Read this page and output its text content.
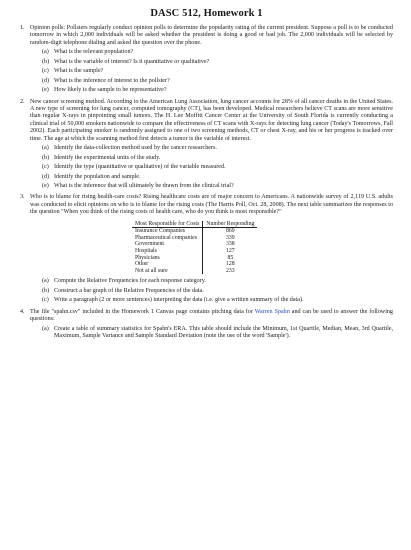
DASC 512, Homework 1
1. Opinion polls: Pollsters regularly conduct opinion polls to determine the popularity rating of the current president. Suppose a poll is to be conducted tomorrow in which 2,000 individuals will be asked whether the president is doing a good or bad job. The 2,000 individuals will be selected by random-digit telephone dialing and asked the question over the phone.

(a) What is the relevant population?
(b) What is the variable of interest? Is it quantitative or qualitative?
(c) What is the sample?
(d) What is the inference of interest to the pollster?
(e) How likely is the sample to be representative?
2. New cancer screening method. According to the American Lung Association, lung cancer accounts for 28% of all cancer deaths in the United States. A new type of screening for lung cancer, computed tomography (CT), has been developed. Medical researchers believe CT scans are more sensitive than regular X-rays in pinpointing small tumors. The H. Lee Moffitt Cancer Center at the University of South Florida is currently conducting a clinical trial of 50,000 smokers nationwide to compare the effectiveness of CT scans with X-rays for detecting lung cancer (Today's Tomorrows, Fall 2002). Each participating smoker is randomly assigned to one of two screening methods, CT or chest X-ray, and his or her progress is tracked over time. The age at which the scanning method first detects a tumor is the variable of interest.

(a) Identify the data-collection method used by the cancer researchers.
(b) Identify the experimental units of the study.
(c) Identify the type (quantitative or qualitative) of the variable measured.
(d) Identify the population and sample.
(e) What is the inference that will ultimately be drawn from the clinical trial?
3. Who is to blame for rising health-care costs? Rising healthcare costs are of major concern to Americans. A nationwide survey of 2,119 U.S. adults was conducted to elicit opinions on who is to blame for the rising costs (The Harris Poll, Oct. 28, 2008). The next table summarizes the responses to the question "When you think of the rising costs of health care, who do you think is most responsible?"

Most Responsible for Costs	Number Responding
Insurance Companies	869
Pharmaceutical companies	339
Government	338
Hospitals	127
Physicians	85
Other	128
Not at all sure	233
(a) Compute the Relative Frequencies for each response category.
(b) Construct a bar graph of the Relative Frequencies of the data.
(c) Write a paragraph (2 or more sentences) interpreting the data (i.e. give a written summary of the data).
4. The file "spahn.csv" included in the Homework 1 Canvas page contains pitching data for Warren Spahn and can be used to answer the following questions:

(a) Create a table of summary statistics for Spahn's ERA. This table should include the Minimum, 1st Quartile, Median, Mean, 3rd Quartile, Maximum, Sample Variance and Sample Standard Deviation (note the use of the word 'Sample').
